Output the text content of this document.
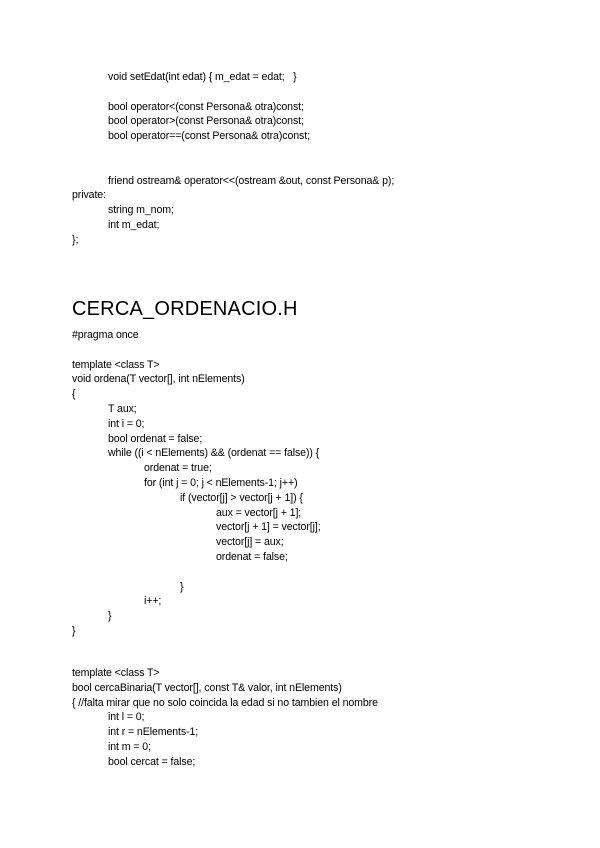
void setEdat(int edat) { m_edat = edat;   }
bool operator<(const Persona& otra)const;
bool operator>(const Persona& otra)const;
bool operator==(const Persona& otra)const;
friend ostream& operator<<(ostream &out, const Persona& p);
private:
string m_nom;
int m_edat;
};
CERCA_ORDENACIO.H
#pragma once
template <class T>
void ordena(T vector[], int nElements)
{
T aux;
int i = 0;
bool ordenat = false;
while ((i < nElements) && (ordenat == false)) {
ordenat = true;
for (int j = 0; j < nElements-1; j++)
if (vector[j] > vector[j + 1]) {
aux = vector[j + 1];
vector[j + 1] = vector[j];
vector[j] = aux;
ordenat = false;
}
i++;
}
}
template <class T>
bool cercaBinaria(T vector[], const T& valor, int nElements)
{ //falta mirar que no solo coincida la edad si no tambien el nombre
int l = 0;
int r = nElements-1;
int m = 0;
bool cercat = false;
